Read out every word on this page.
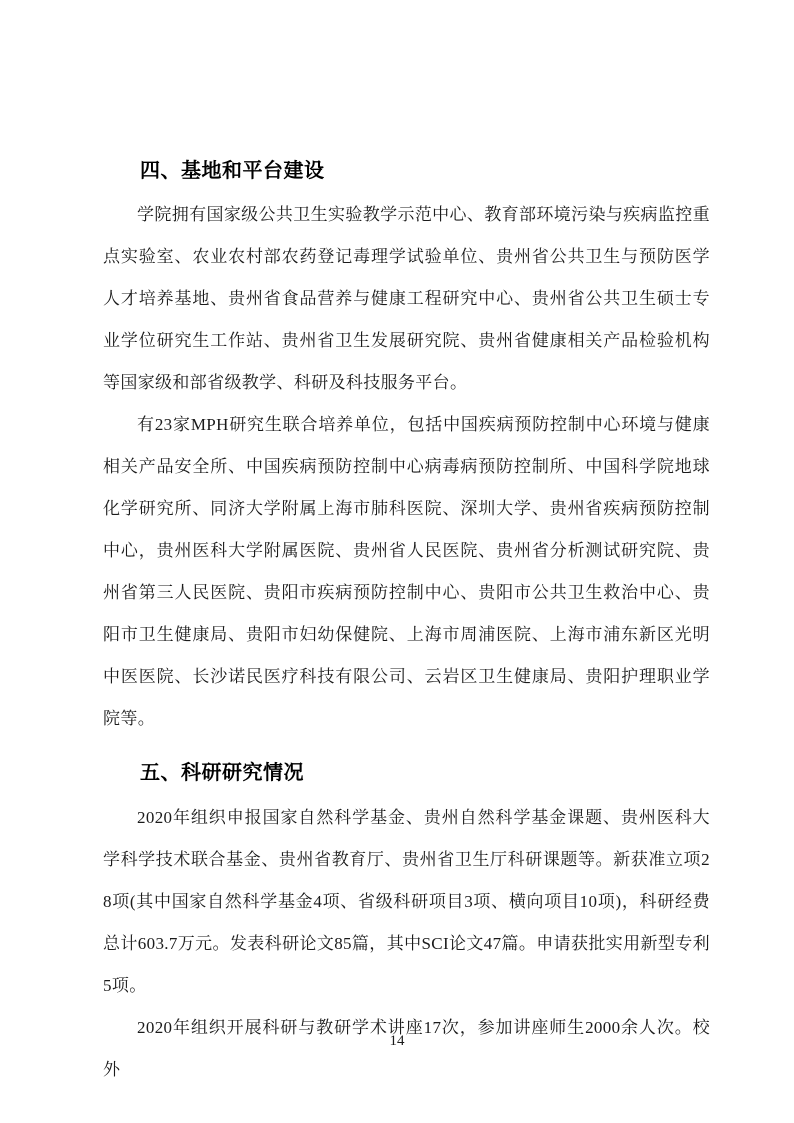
四、基地和平台建设

学院拥有国家级公共卫生实验教学示范中心、教育部环境污染与疾病监控重点实验室、农业农村部农药登记毒理学试验单位、贵州省公共卫生与预防医学人才培养基地、贵州省食品营养与健康工程研究中心、贵州省公共卫生硕士专业学位研究生工作站、贵州省卫生发展研究院、贵州省健康相关产品检验机构等国家级和部省级教学、科研及科技服务平台。

有23家MPH研究生联合培养单位，包括中国疾病预防控制中心环境与健康相关产品安全所、中国疾病预防控制中心病毒病预防控制所、中国科学院地球化学研究所、同济大学附属上海市肺科医院、深圳大学、贵州省疾病预防控制中心，贵州医科大学附属医院、贵州省人民医院、贵州省分析测试研究院、贵州省第三人民医院、贵阳市疾病预防控制中心、贵阳市公共卫生救治中心、贵阳市卫生健康局、贵阳市妇幼保健院、上海市周浦医院、上海市浦东新区光明中医医院、长沙诺民医疗科技有限公司、云岩区卫生健康局、贵阳护理职业学院等。

五、科研研究情况

2020年组织申报国家自然科学基金、贵州自然科学基金课题、贵州医科大学科学技术联合基金、贵州省教育厅、贵州省卫生厅科研课题等。新获准立项28项(其中国家自然科学基金4项、省级科研项目3项、横向项目10项)，科研经费总计603.7万元。发表科研论文85篇，其中SCI论文47篇。申请获批实用新型专利5项。

2020年组织开展科研与教研学术讲座17次，参加讲座师生2000余人次。校外

14
